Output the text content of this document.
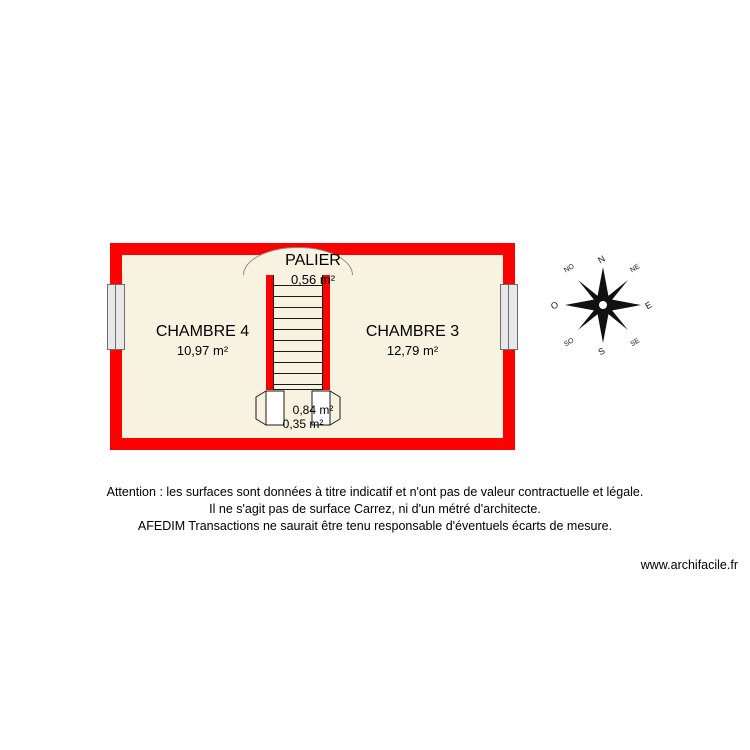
CHAMBRE 4
10,97 m²
CHAMBRE 3
12,79 m²
PALIER
0,56 m²
0,84 m²
0,35 m²
N
S
E
O
NE
NO
SE
SO
Attention : les surfaces sont données à titre indicatif et n'ont pas de valeur contractuelle et légale.
Il ne s'agit pas de surface Carrez, ni d'un métré d'architecte.
AFEDIM Transactions ne saurait être tenu responsable d'éventuels écarts de mesure.
www.archifacile.fr
